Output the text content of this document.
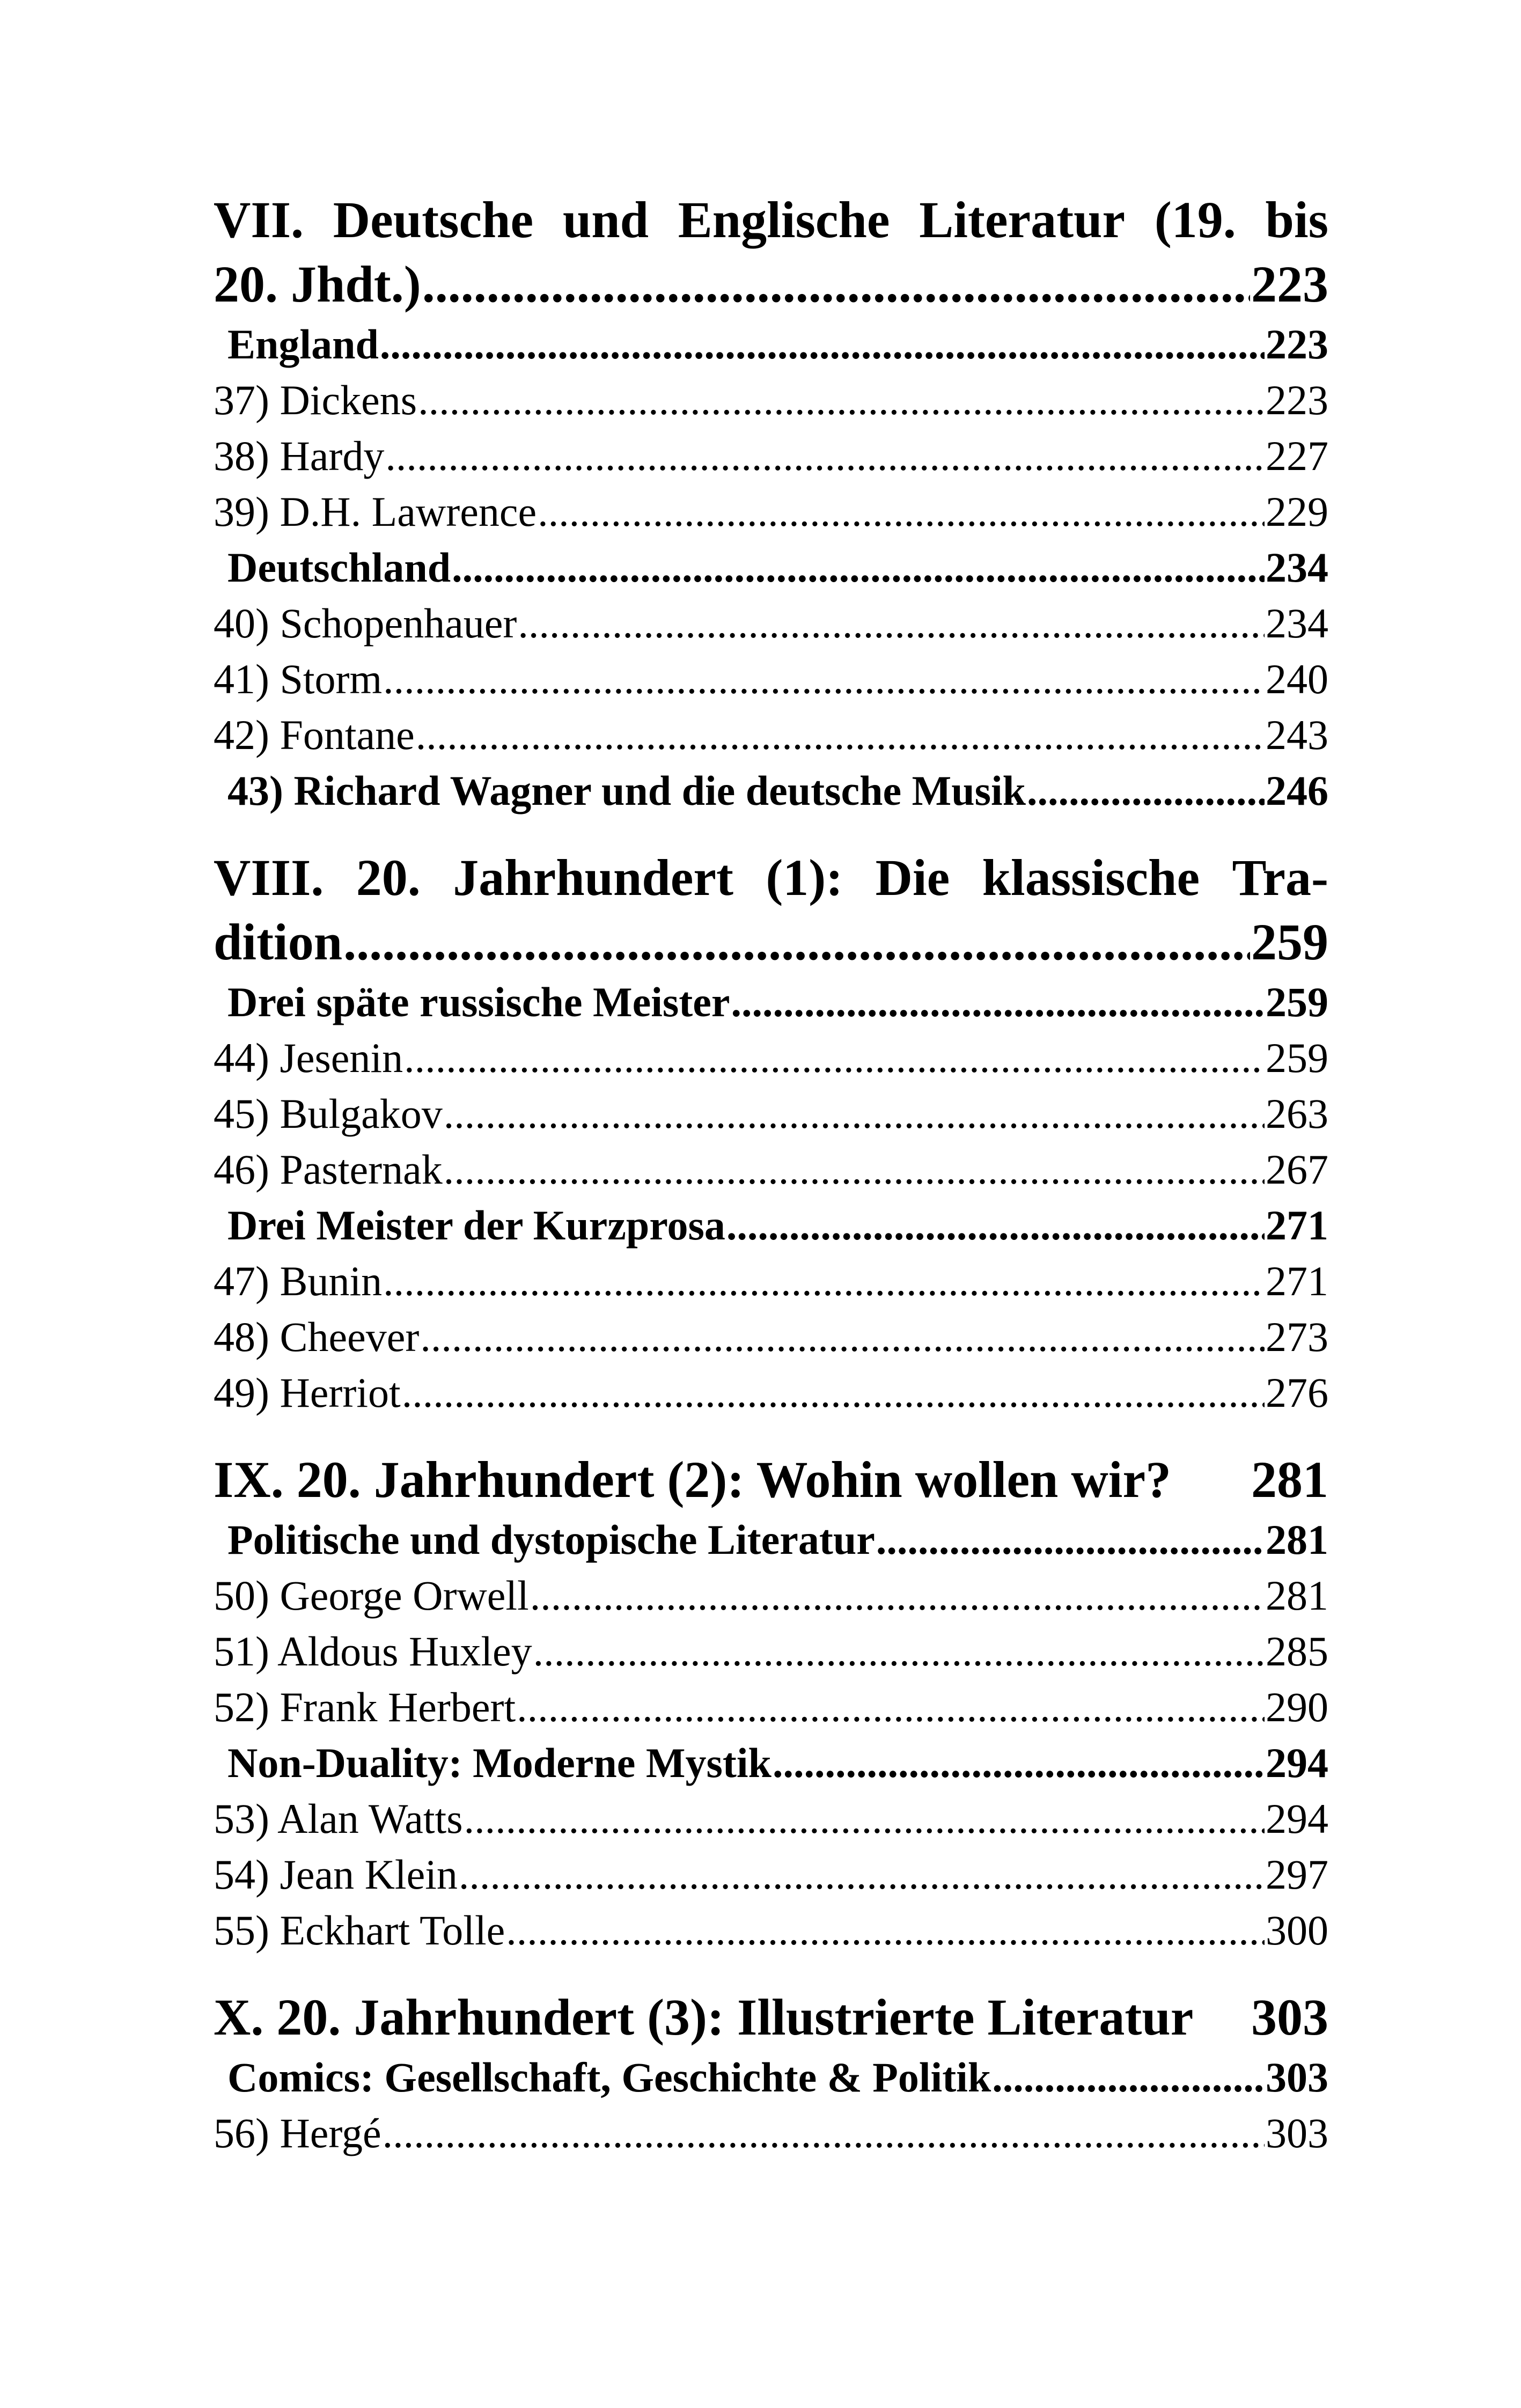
VII. Deutsche und Englische Literatur (19. bis
20. Jhdt.) .....	223
England .....	223
37) Dickens .....	223
38) Hardy .....	227
39) D.H. Lawrence .....	229
Deutschland .....	234
40) Schopenhauer .....	234
41) Storm .....	240
42) Fontane .....	243
43) Richard Wagner und die deutsche Musik .....	246
VIII. 20. Jahrhundert (1): Die klassische Tra-
dition .....	259
Drei späte russische Meister .....	259
44) Jesenin .....	259
45) Bulgakov .....	263
46) Pasternak .....	267
Drei Meister der Kurzprosa .....	271
47) Bunin .....	271
48) Cheever .....	273
49) Herriot .....	276
IX. 20. Jahrhundert (2): Wohin wollen wir? 281
Politische und dystopische Literatur .....	281
50) George Orwell .....	281
51) Aldous Huxley .....	285
52) Frank Herbert .....	290
Non-Duality: Moderne Mystik .....	294
53) Alan Watts .....	294
54) Jean Klein .....	297
55) Eckhart Tolle .....	300
X. 20. Jahrhundert (3): Illustrierte Literatur 303
Comics: Gesellschaft, Geschichte & Politik .....	303
56) Hergé .....	303
